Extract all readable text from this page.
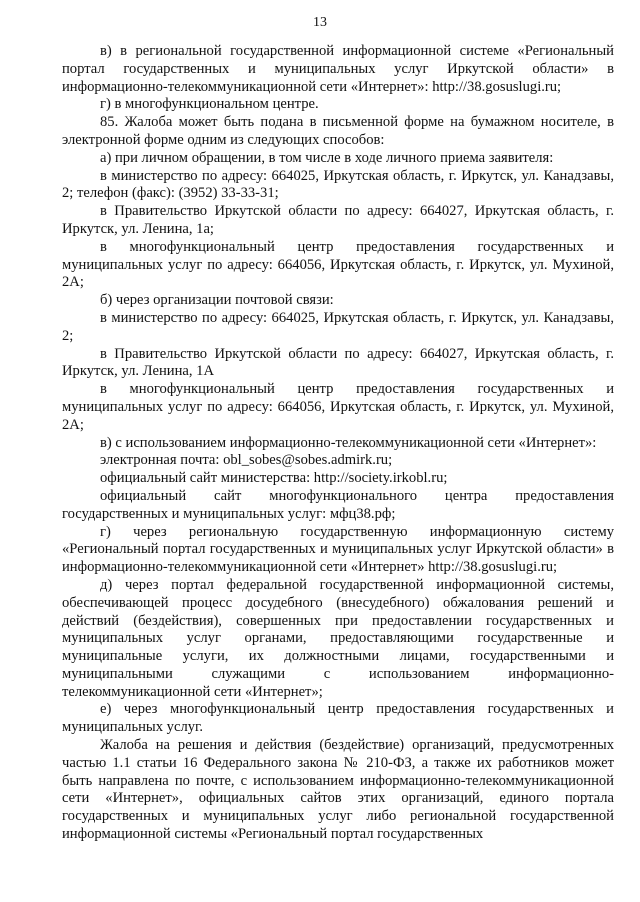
13

в) в региональной государственной информационной системе «Региональный портал государственных и муниципальных услуг Иркутской области» в информационно-телекоммуникационной сети «Интернет»: http://38.gosuslugi.ru;

г) в многофункциональном центре.

85. Жалоба может быть подана в письменной форме на бумажном носителе, в электронной форме одним из следующих способов:

а) при личном обращении, в том числе в ходе личного приема заявителя:

в министерство по адресу: 664025, Иркутская область, г. Иркутск, ул. Канадзавы, 2; телефон (факс): (3952) 33-33-31;

в Правительство Иркутской области по адресу: 664027, Иркутская область, г. Иркутск, ул. Ленина, 1а;

в многофункциональный центр предоставления государственных и муниципальных услуг по адресу: 664056, Иркутская область, г. Иркутск, ул. Мухиной, 2А;

б) через организации почтовой связи:

в министерство по адресу: 664025, Иркутская область, г. Иркутск, ул. Канадзавы, 2;

в Правительство Иркутской области по адресу: 664027, Иркутская область, г. Иркутск, ул. Ленина, 1А

в многофункциональный центр предоставления государственных и муниципальных услуг по адресу: 664056, Иркутская область, г. Иркутск, ул. Мухиной, 2А;

в) с использованием информационно-телекоммуникационной сети «Интернет»:

электронная почта: obl_sobes@sobes.admirk.ru;

официальный сайт министерства: http://society.irkobl.ru;

официальный сайт многофункционального центра предоставления государственных и муниципальных услуг: мфц38.рф;

г) через региональную государственную информационную систему «Региональный портал государственных и муниципальных услуг Иркутской области» в информационно-телекоммуникационной сети «Интернет» http://38.gosuslugi.ru;

д) через портал федеральной государственной информационной системы, обеспечивающей процесс досудебного (внесудебного) обжалования решений и действий (бездействия), совершенных при предоставлении государственных и муниципальных услуг органами, предоставляющими государственные и муниципальные услуги, их должностными лицами, государственными и муниципальными служащими с использованием информационно-телекоммуникационной сети «Интернет»;

е) через многофункциональный центр предоставления государственных и муниципальных услуг.

Жалоба на решения и действия (бездействие) организаций, предусмотренных частью 1.1 статьи 16 Федерального закона № 210-ФЗ, а также их работников может быть направлена по почте, с использованием информационно-телекоммуникационной сети «Интернет», официальных сайтов этих организаций, единого портала государственных и муниципальных услуг либо региональной государственной информационной системы «Региональный портал государственных
